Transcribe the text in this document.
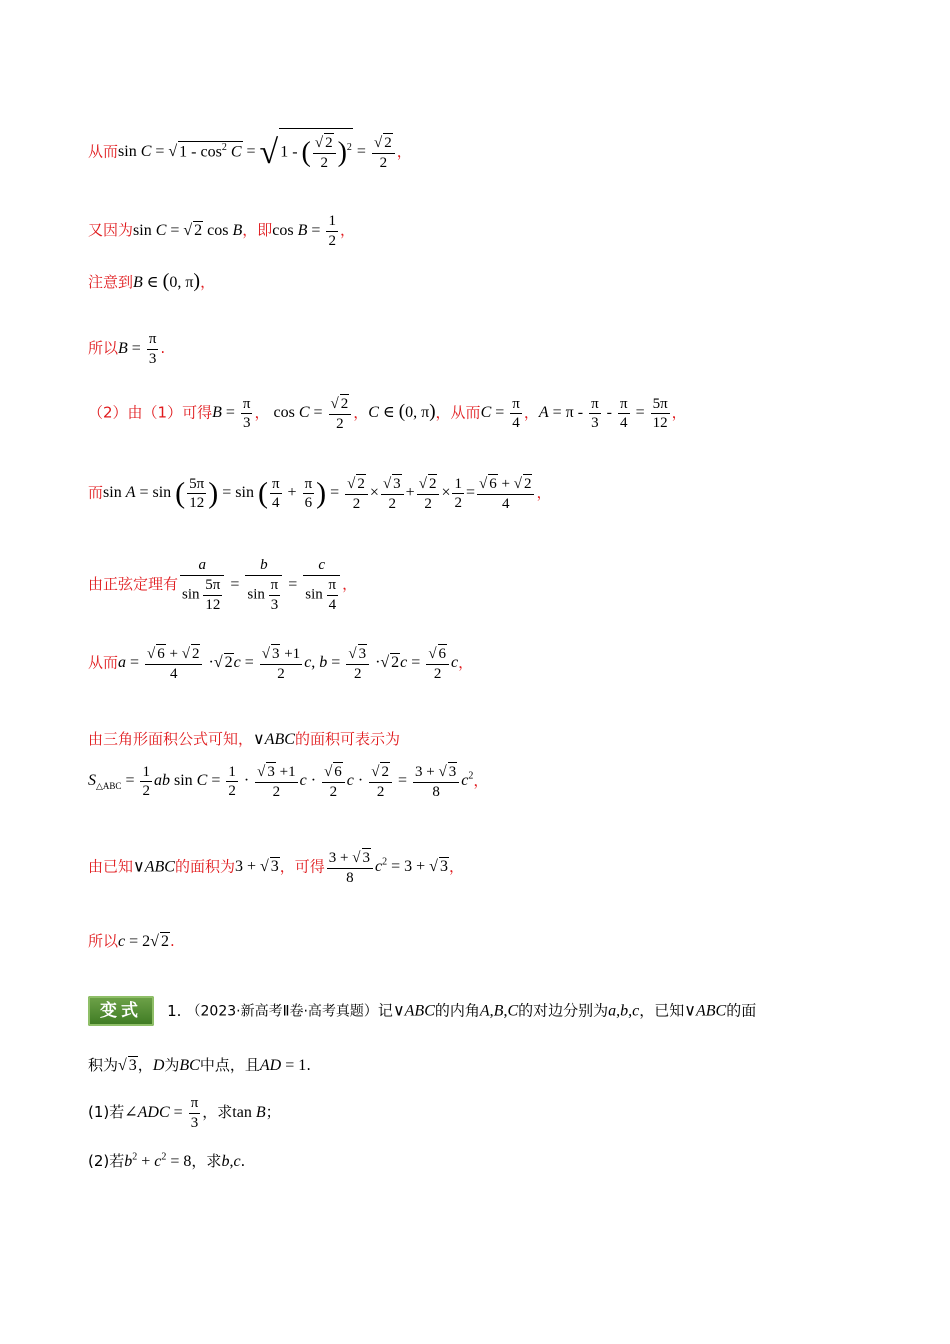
从而sin C = √ $1 - \cos^2 C$ = √ 1 - ( √ $\frac{2}{2} )^2$ = √ $\frac{2}{2}$ ，
又因为sin C = √ 2 cos B，即$\cos B = \frac{1}{2}$ ，
注意到B ∈ (0, π)，
所以$B = \frac{\pi}{3}$ .
（2）由（1）可得$B = \frac{\pi}{3}$ ， cos C = √ $\frac{2}{2}$ ，C ∈ (0, π)，从而$C = \frac{\pi}{4}$ ，$A = \pi - \frac{\pi}{3} - \frac{\pi}{4} = \frac{5\pi}{12}$ ，
而sin A = sin ( $\frac{5\pi}{12}$ ) = sin ( $\frac{\pi}{4} + \frac{\pi}{6}$ ) = √ $\frac{2}{2}$ × √ $\frac{3}{2}$ + √ $\frac{2}{2} \times \frac{1}{2}$ = √ $\frac{6 + √ 2}{4}$ ，
由正弦定理有 $\frac{a}{\sin \frac{5\pi}{12}} = \frac{b}{\sin \frac{\pi}{3}} = \frac{c}{\sin \frac{\pi}{4}}$ ，
从而a = √ $\frac{6 + √ 2}{4}$ · √ 2c = √ $\frac{3 +1}{2} c$, b = √ $\frac{3}{2}$ · √ 2c = √ $\frac{6}{2}$ c，
由三角形面积公式可知，∨ABC的面积可表示为
$S_{\triangle ABC} = \frac{1}{2}$ ab $\sin C = \frac{1}{2}$ · √ $\frac{3 +1}{2}$ c · √ $\frac{6}{2}$ c · √ $\frac{2}{2} = \frac{3 + √ 3}{8} c^2$，
由已知∨ABC的面积为3 + √ 3，可得 $\frac{3 + √ 3}{8} c^2 = 3$ + √ 3，
所以c = 2 √ 2.
变式 1. （2023·新高考Ⅱ卷·高考真题）记∨ABC的内角A,B,C的对边分别为a,b,c，已知∨ABC的面
积为 √ 3，D为BC中点，且AD = 1.
(1)若∠ADC = $\frac{\pi}{3}$ ，求tan B；
(2)若$b^2 + c^2 = 8$，求b,c.
